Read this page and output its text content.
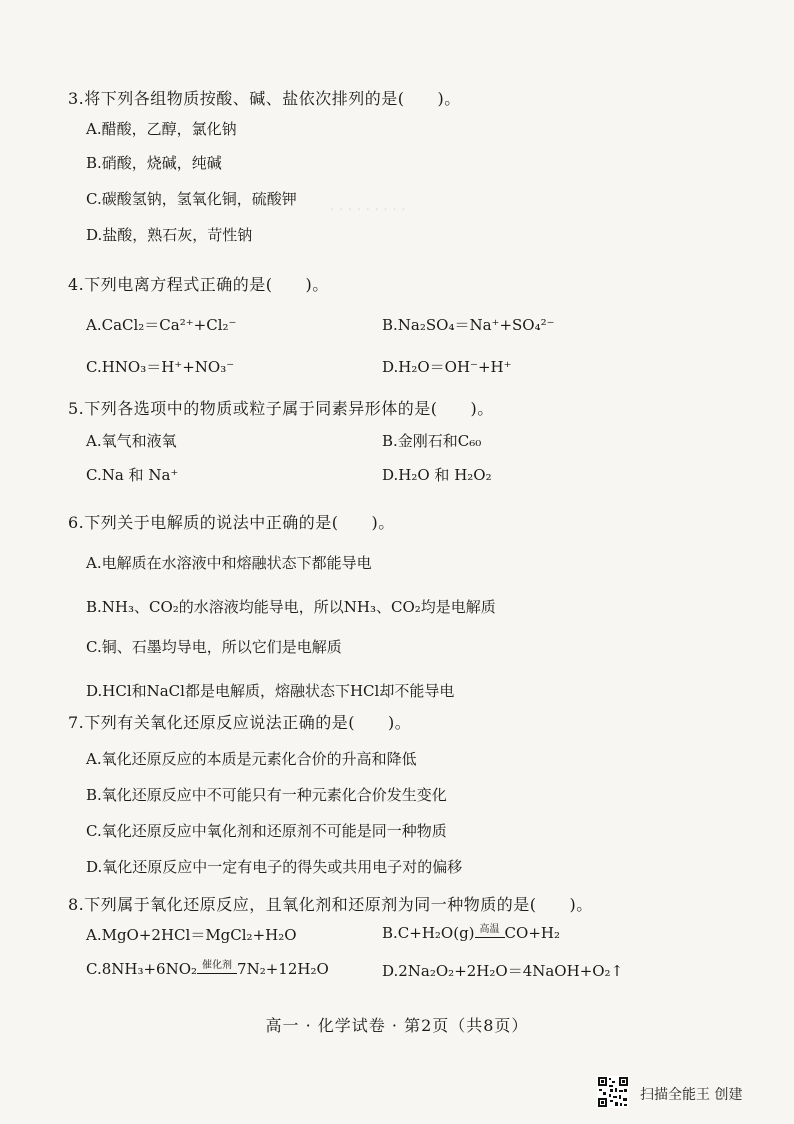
· · · · · · · · ·
3.将下列各组物质按酸、碱、盐依次排列的是(　　)。
A.醋酸，乙醇，氯化钠
B.硝酸，烧碱，纯碱
C.碳酸氢钠，氢氧化铜，硫酸钾
D.盐酸，熟石灰，苛性钠
4.下列电离方程式正确的是(　　)。
A.CaCl₂＝Ca²⁺+Cl₂⁻	B.Na₂SO₄＝Na⁺+SO₄²⁻
C.HNO₃＝H⁺+NO₃⁻	D.H₂O＝OH⁻+H⁺
5.下列各选项中的物质或粒子属于同素异形体的是(　　)。
A.氧气和液氧	B.金刚石和C₆₀
C.Na 和 Na⁺	D.H₂O 和 H₂O₂
6.下列关于电解质的说法中正确的是(　　)。
A.电解质在水溶液中和熔融状态下都能导电
B.NH₃、CO₂的水溶液均能导电，所以NH₃、CO₂均是电解质
C.铜、石墨均导电，所以它们是电解质
D.HCl和NaCl都是电解质，熔融状态下HCl却不能导电
7.下列有关氧化还原反应说法正确的是(　　)。
A.氧化还原反应的本质是元素化合价的升高和降低
B.氧化还原反应中不可能只有一种元素化合价发生变化
C.氧化还原反应中氧化剂和还原剂不可能是同一种物质
D.氧化还原反应中一定有电子的得失或共用电子对的偏移
8.下列属于氧化还原反应，且氧化剂和还原剂为同一种物质的是(　　)。
A.MgO+2HCl＝MgCl₂+H₂O	B.C+H₂O(g) 高温 CO+H₂
C.8NH₃+6NO₂ 催化剂 7N₂+12H₂O	D.2Na₂O₂+2H₂O＝4NaOH+O₂↑
高一 · 化学试卷 · 第2页（共8页）
扫描全能王 创建
